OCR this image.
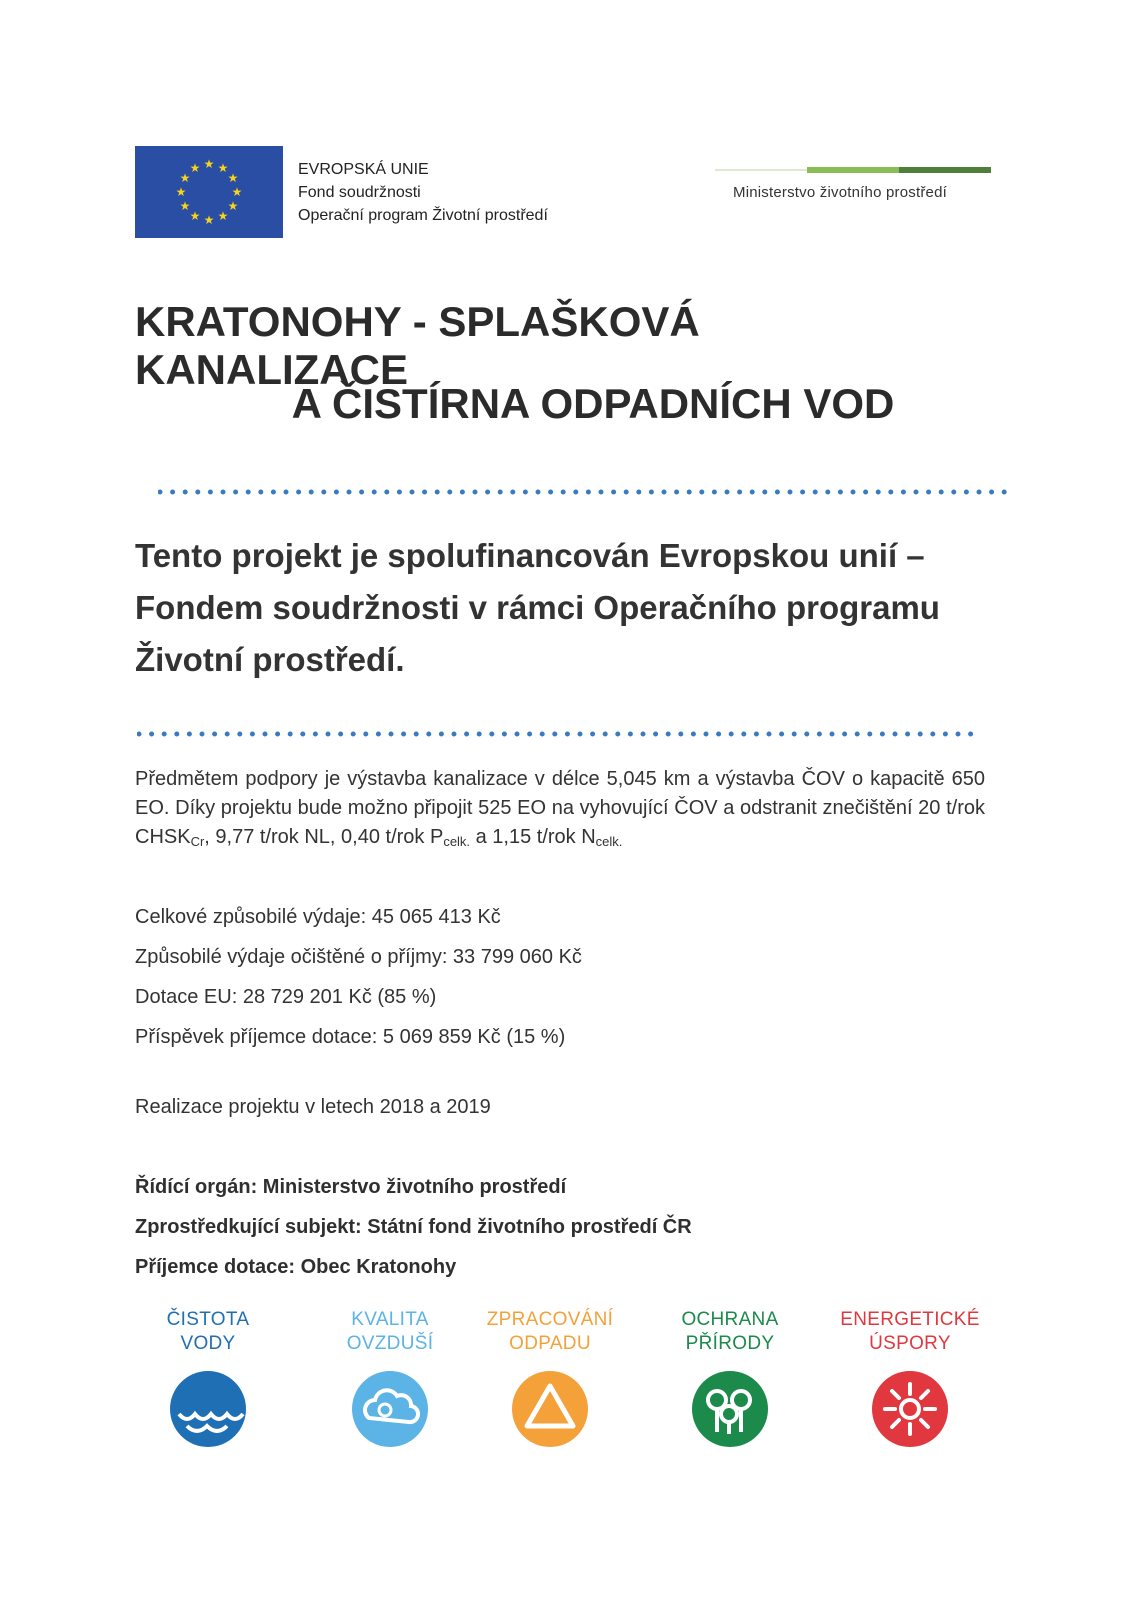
★ ★
★
★
★
★
★
★
★
★
★
★	EVROPSKÁ UNIE
Fond soudržnosti
Operační program Životní prostředí
Ministerstvo životního prostředí
KRATONOHY - SPLAŠKOVÁ KANALIZACE
A ČISTÍRNA ODPADNÍCH VOD
Tento projekt je spolufinancován Evropskou unií –
Fondem soudržnosti v rámci Operačního programu
Životní prostředí.
Předmětem podpory je výstavba kanalizace v délce 5,045 km a výstavba ČOV o kapacitě 650 EO. Díky projektu bude možno připojit 525 EO na vyhovující ČOV a odstranit znečištění 20 t/rok $CHSK_{Cr}$, 9,77 t/rok NL, 0,40 t/rok $P_{celk.}$ a 1,15 t/rok $N_{celk.}$
Celkové způsobilé výdaje: 45 065 413 Kč
Způsobilé výdaje očištěné o příjmy: 33 799 060 Kč
Dotace EU: 28 729 201 Kč (85 %)
Příspěvek příjemce dotace: 5 069 859 Kč (15 %)
Realizace projektu v letech 2018 a 2019
Řídící orgán: Ministerstvo životního prostředí
Zprostředkující subjekt: Státní fond životního prostředí ČR
Příjemce dotace: Obec Kratonohy
ČISTOTA
VODY
KVALITA
OVZDUŠÍ
ZPRACOVÁNÍ
ODPADU
OCHRANA
PŘÍRODY
ENERGETICKÉ
ÚSPORY
